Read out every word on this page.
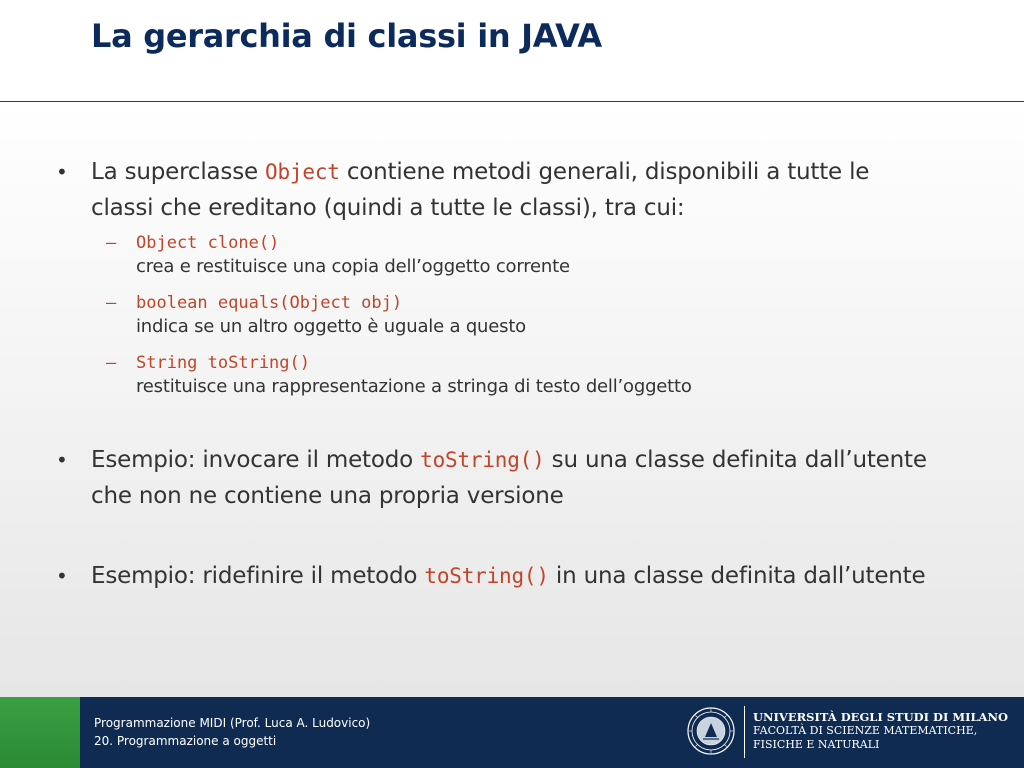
La gerarchia di classi in JAVA
• La superclasse Object contiene metodi generali, disponibili a tutte le classi che ereditano (quindi a tutte le classi), tra cui:
– Object clone()
crea e restituisce una copia dell’oggetto corrente
– boolean equals(Object obj)
indica se un altro oggetto è uguale a questo
– String toString()
restituisce una rappresentazione a stringa di testo dell’oggetto
• Esempio: invocare il metodo toString() su una classe definita dall’utente che non ne contiene una propria versione
• Esempio: ridefinire il metodo toString() in una classe definita dall’utente
Programmazione MIDI (Prof. Luca A. Ludovico)
20. Programmazione a oggetti
UNIVERSITÀ DEGLI STUDI DI MILANO
FACOLTÀ DI SCIENZE MATEMATICHE,
FISICHE E NATURALI
